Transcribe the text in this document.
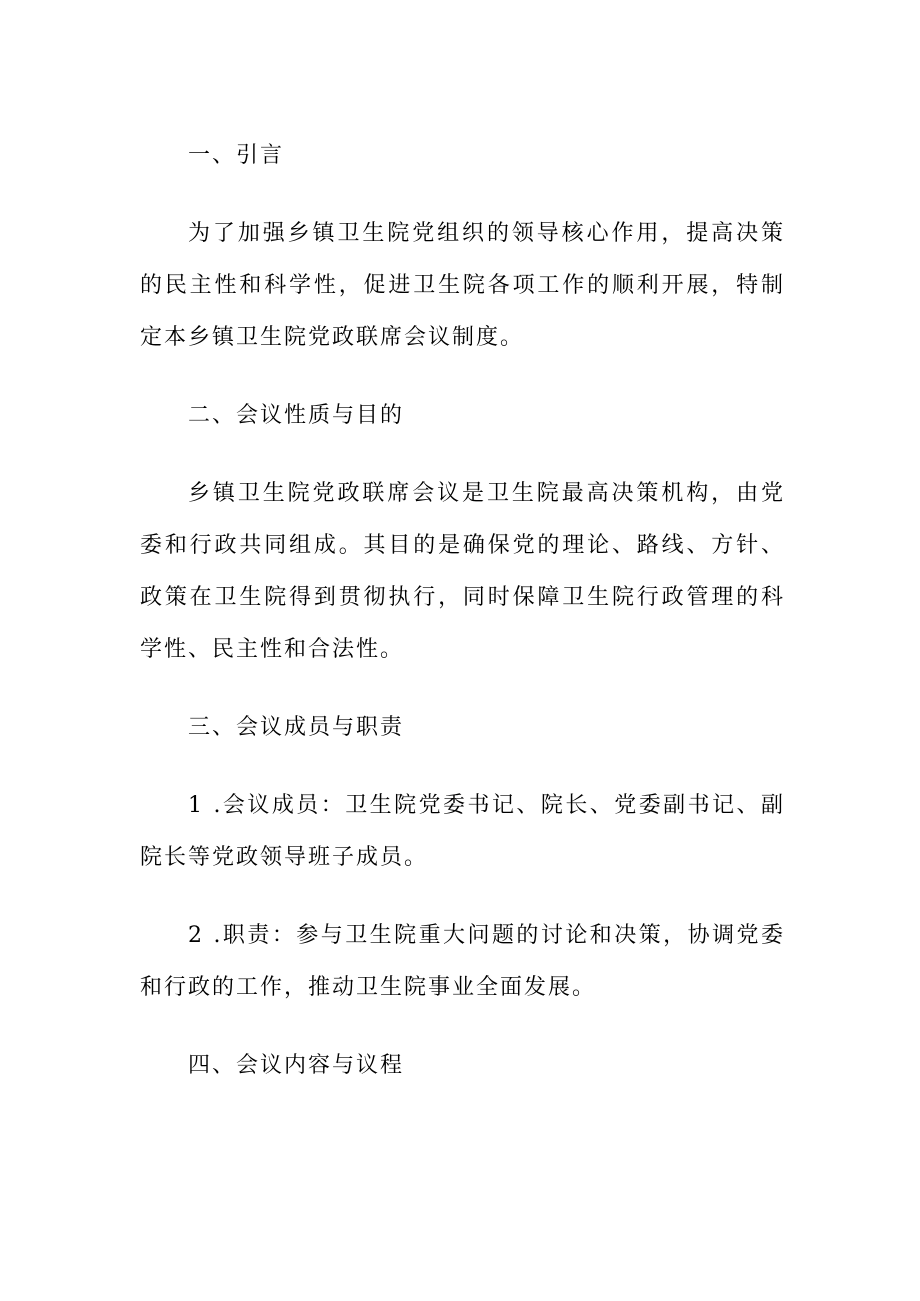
一、引言

为了加强乡镇卫生院党组织的领导核心作用，提高决策的民主性和科学性，促进卫生院各项工作的顺利开展，特制定本乡镇卫生院党政联席会议制度。

二、会议性质与目的

乡镇卫生院党政联席会议是卫生院最高决策机构，由党委和行政共同组成。其目的是确保党的理论、路线、方针、政策在卫生院得到贯彻执行，同时保障卫生院行政管理的科学性、民主性和合法性。

三、会议成员与职责

1 .会议成员：卫生院党委书记、院长、党委副书记、副院长等党政领导班子成员。

2 .职责：参与卫生院重大问题的讨论和决策，协调党委和行政的工作，推动卫生院事业全面发展。

四、会议内容与议程
